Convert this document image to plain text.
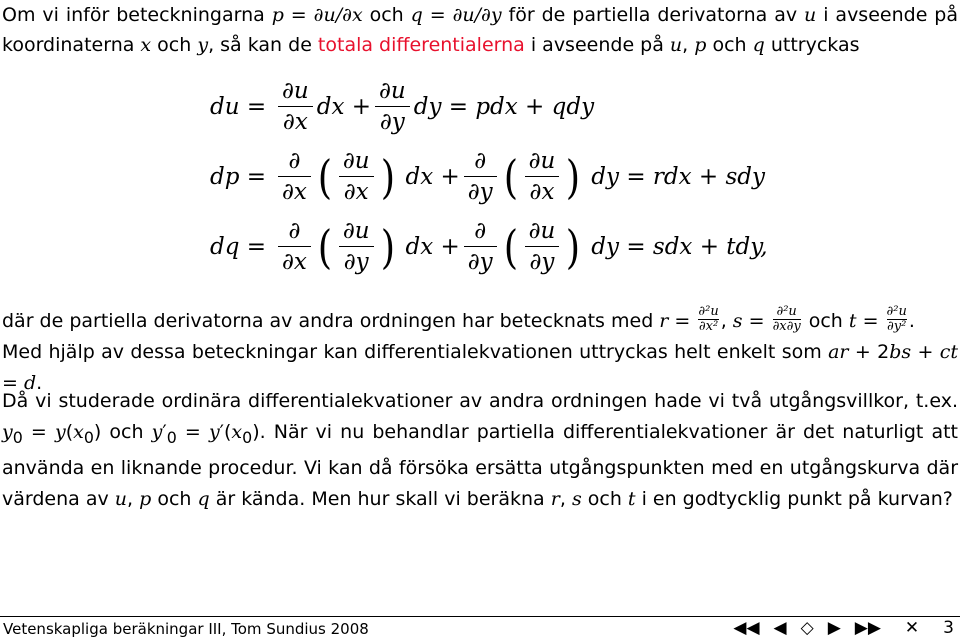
Om vi inför beteckningarna p = ∂u/∂x och q = ∂u/∂y för de partiella derivatorna av u i avseende på koordinaterna x och y, så kan de totala differentialerna i avseende på u, p och q uttryckas
du = $\frac{\partial u}{\partial x}$ dx + $\frac{\partial u}{\partial y}$ dy = pdx + qdy
dp = $\frac{\partial}{\partial x}$ ( $\frac{\partial u}{\partial x}$ ) dx + $\frac{\partial}{\partial y}$ ( $\frac{\partial u}{\partial x}$ ) dy = rdx + sdy
dq = $\frac{\partial}{\partial x}$ ( $\frac{\partial u}{\partial y}$ ) dx + $\frac{\partial}{\partial y}$ ( $\frac{\partial u}{\partial y}$ ) dy = sdx + tdy,
där de partiella derivatorna av andra ordningen har betecknats med $r = \frac{\text{∂²u}}{\text{∂x²}}$ , $s = \frac{\text{∂²u}}{\partial x\partial y}$ och $t = \frac{\text{∂²u}}{\text{∂y²}}$ .
Med hjälp av dessa beteckningar kan differentialekvationen uttryckas helt enkelt som ar + 2bs + ct = d.
Då vi studerade ordinära differentialekvationer av andra ordningen hade vi två utgångsvillkor, t.ex. $y_0 = y(x_0)$ och $y'_0 = y'(x_0)$. När vi nu behandlar partiella differentialekvationer är det naturligt att använda en liknande procedur. Vi kan då försöka ersätta utgångspunkten med en utgångskurva där värdena av u, p och q är kända. Men hur skall vi beräkna r, s och t i en godtycklig punkt på kurvan?
Vetenskapliga beräkningar III, Tom Sundius 2008	◀◀ ◀ ◇ ▶ ▶▶ ✕ 3
